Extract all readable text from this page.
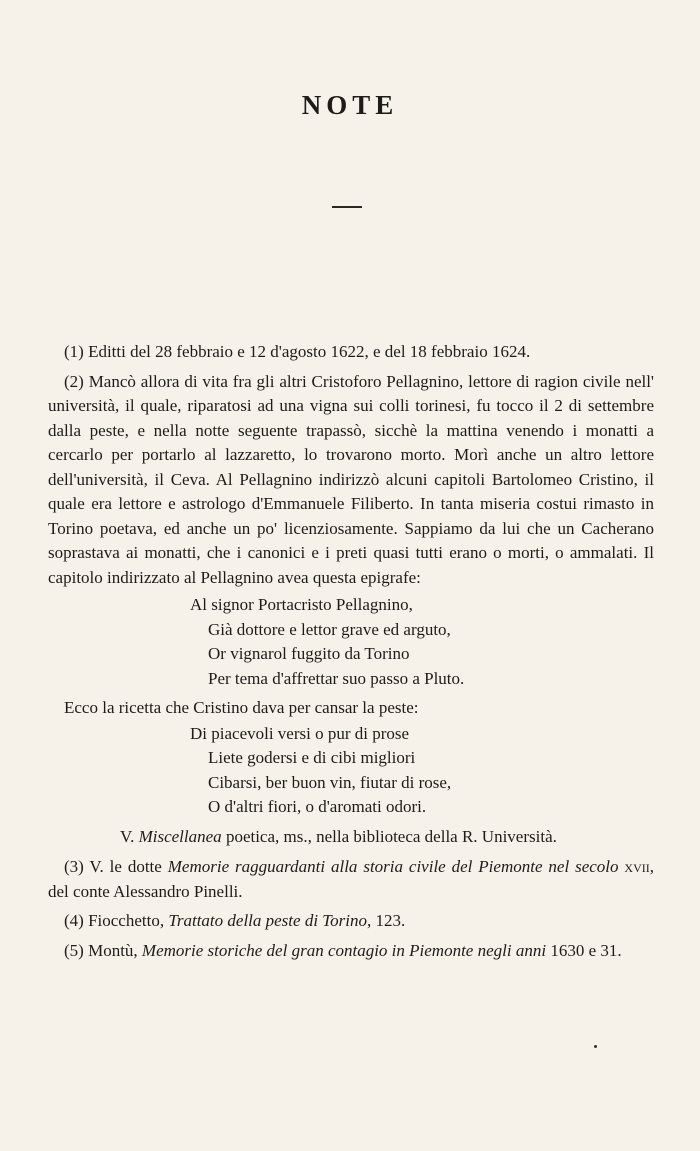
NOTE

(1) Editti del 28 febbraio e 12 d'agosto 1622, e del 18 febbraio 1624.

(2) Mancò allora di vita fra gli altri Cristoforo Pellagnino, lettore di ragion civile nell' università, il quale, riparatosi ad una vigna sui colli torinesi, fu tocco il 2 di settembre dalla peste, e nella notte seguente trapassò, sicchè la mattina venendo i monatti a cercarlo per portarlo al lazzaretto, lo trovarono morto. Morì anche un altro lettore dell'università, il Ceva. Al Pellagnino indirizzò alcuni capitoli Bartolomeo Cristino, il quale era lettore e astrologo d'Emmanuele Filiberto. In tanta miseria costui rimasto in Torino poetava, ed anche un po' licenziosamente. Sappiamo da lui che un Cacherano soprastava ai monatti, che i canonici e i preti quasi tutti erano o morti, o ammalati. Il capitolo indirizzato al Pellagnino avea questa epigrafe:

Al signor Portacristo Pellagnino,
Già dottore e lettor grave ed arguto,
Or vignarol fuggito da Torino
Per tema d'affrettar suo passo a Pluto.

Ecco la ricetta che Cristino dava per cansar la peste:

Di piacevoli versi o pur di prose
Liete godersi e di cibi migliori
Cibarsi, ber buon vin, fiutar di rose,
O d'altri fiori, o d'aromati odori.

V. Miscellanea poetica, ms., nella biblioteca della R. Università.

(3) V. le dotte Memorie ragguardanti alla storia civile del Piemonte nel secolo xvii, del conte Alessandro Pinelli.

(4) Fiocchetto, Trattato della peste di Torino, 123.

(5) Montù, Memorie storiche del gran contagio in Piemonte negli anni 1630 e 31.
